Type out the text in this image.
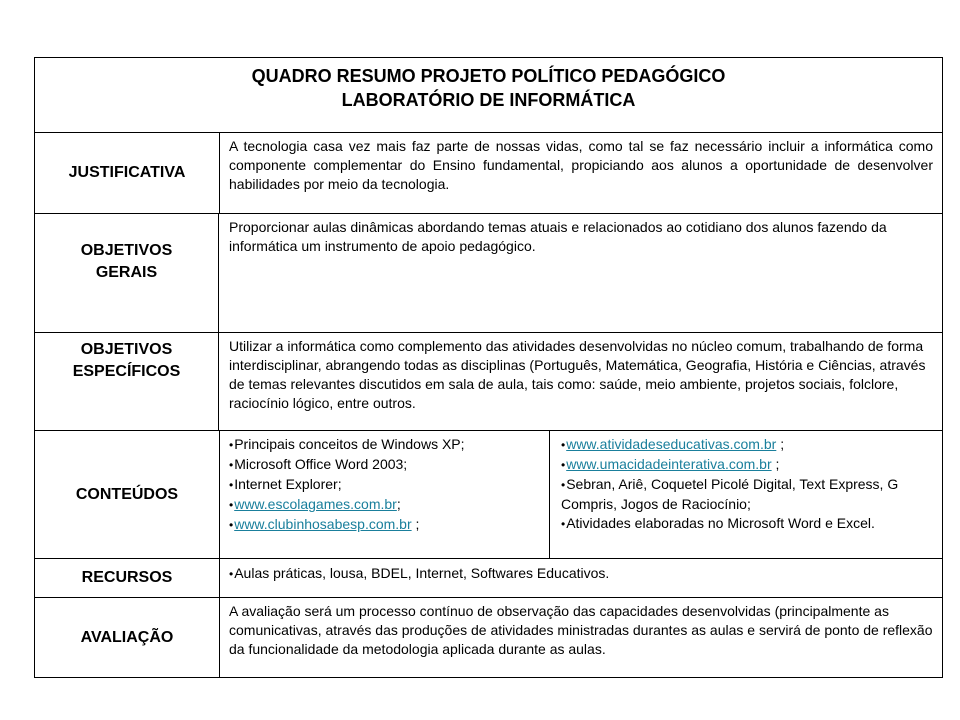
QUADRO RESUMO PROJETO POLÍTICO PEDAGÓGICO
LABORATÓRIO DE INFORMÁTICA
JUSTIFICATIVA
A tecnologia casa vez mais faz parte de nossas vidas, como tal se faz necessário incluir a informática como componente complementar do Ensino fundamental, propiciando aos alunos a oportunidade de desenvolver habilidades por meio da tecnologia.
OBJETIVOS
GERAIS
Proporcionar aulas dinâmicas abordando temas atuais e relacionados ao cotidiano dos alunos fazendo da informática um instrumento de apoio pedagógico.
OBJETIVOS
ESPECÍFICOS
Utilizar a informática como complemento das atividades desenvolvidas no núcleo comum, trabalhando de forma interdisciplinar, abrangendo todas as disciplinas (Português, Matemática, Geografia, História e Ciências, através de temas relevantes discutidos em sala de aula, tais como: saúde, meio ambiente, projetos sociais, folclore, raciocínio lógico, entre outros.
CONTEÚDOS
• Principais conceitos de Windows XP;
• Microsoft Office Word 2003;
• Internet Explorer;
• www.escolagames.com.br;
• www.clubinhosabesp.com.br ;
• www.atividadeseducativas.com.br ;
• www.umacidadeinterativa.com.br ;
• Sebran, Ariê, Coquetel Picolé Digital, Text Express, G Compris, Jogos de Raciocínio;
• Atividades elaboradas no Microsoft Word e Excel.
RECURSOS	• Aulas práticas, lousa, BDEL, Internet, Softwares Educativos.
AVALIAÇÃO
A avaliação será um processo contínuo de observação das capacidades desenvolvidas (principalmente as comunicativas, através das produções de atividades ministradas durantes as aulas e servirá de ponto de reflexão da funcionalidade da metodologia aplicada durante as aulas.
